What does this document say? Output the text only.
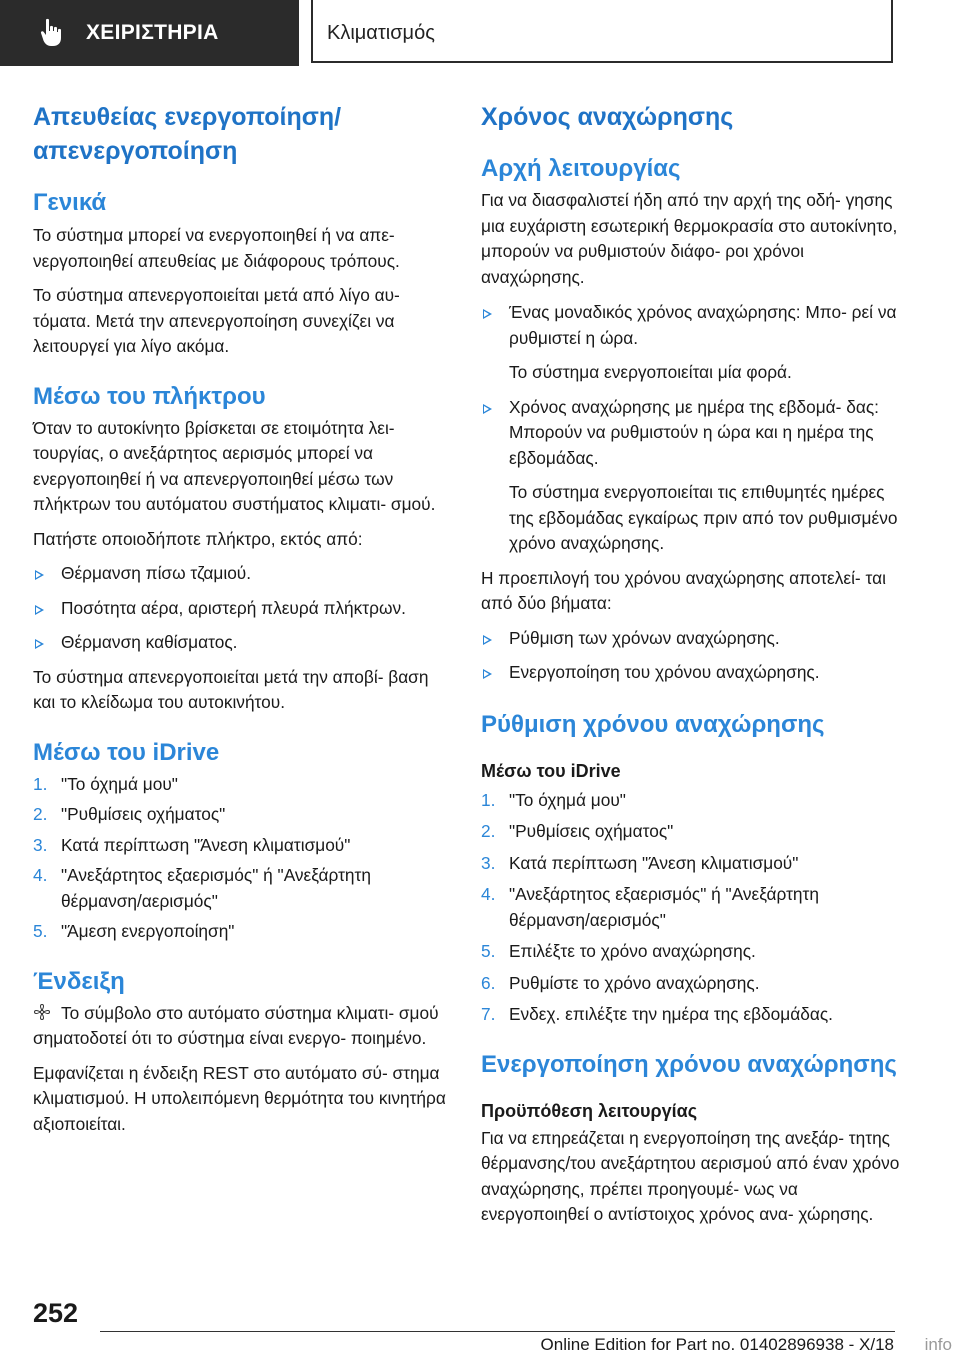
ΧΕΙΡΙΣΤΗΡΙΑ	Κλιματισμός
Απευθείας ενεργοποίηση/ απενεργοποίηση
Γενικά

Το σύστημα μπορεί να ενεργοποιηθεί ή να απε‐ νεργοποιηθεί απευθείας με διάφορους τρόπους.

Το σύστημα απενεργοποιείται μετά από λίγο αυ‐ τόματα. Μετά την απενεργοποίηση συνεχίζει να λειτουργεί για λίγο ακόμα.

Μέσω του πλήκτρου

Όταν το αυτοκίνητο βρίσκεται σε ετοιμότητα λει‐ τουργίας, ο ανεξάρτητος αερισμός μπορεί να ενεργοποιηθεί ή να απενεργοποιηθεί μέσω των πλήκτρων του αυτόματου συστήματος κλιματι‐ σμού.

Πατήστε οποιοδήποτε πλήκτρο, εκτός από:

Θέρμανση πίσω τζαμιού.
Ποσότητα αέρα, αριστερή πλευρά πλήκτρων.
Θέρμανση καθίσματος.

Το σύστημα απενεργοποιείται μετά την αποβί‐ βαση και το κλείδωμα του αυτοκινήτου.

Μέσω του iDrive
1. "Το όχημά μου"
2. "Ρυθμίσεις οχήματος"
3. Κατά περίπτωση "Άνεση κλιματισμού"
4. "Ανεξάρτητος εξαερισμός" ή "Ανεξάρτητη θέρμανση/αερισμός"
5. "Άμεση ενεργοποίηση"
Ένδειξη

Το σύμβολο στο αυτόματο σύστημα κλιματι‐ σμού σηματοδοτεί ότι το σύστημα είναι ενεργο‐ ποιημένο.

Εμφανίζεται η ένδειξη REST στο αυτόματο σύ‐ στημα κλιματισμού. Η υπολειπόμενη θερμότητα του κινητήρα αξιοποιείται.

Χρόνος αναχώρησης
Αρχή λειτουργίας

Για να διασφαλιστεί ήδη από την αρχή της οδή‐ γησης μια ευχάριστη εσωτερική θερμοκρασία στο αυτοκίνητο, μπορούν να ρυθμιστούν διάφο‐ ροι χρόνοι αναχώρησης.

Ένας μοναδικός χρόνος αναχώρησης: Μπο‐ ρεί να ρυθμιστεί η ώρα.
Το σύστημα ενεργοποιείται μία φορά.
Χρόνος αναχώρησης με ημέρα της εβδομά‐ δας: Μπορούν να ρυθμιστούν η ώρα και η ημέρα της εβδομάδας.
Το σύστημα ενεργοποιείται τις επιθυμητές ημέρες της εβδομάδας εγκαίρως πριν από τον ρυθμισμένο χρόνο αναχώρησης.

Η προεπιλογή του χρόνου αναχώρησης αποτελεί‐ ται από δύο βήματα:

Ρύθμιση των χρόνων αναχώρησης.
Ενεργοποίηση του χρόνου αναχώρησης.
Ρύθμιση χρόνου αναχώρησης
Μέσω του iDrive
1. "Το όχημά μου"
2. "Ρυθμίσεις οχήματος"
3. Κατά περίπτωση "Άνεση κλιματισμού"
4. "Ανεξάρτητος εξαερισμός" ή "Ανεξάρτητη θέρμανση/αερισμός"
5. Επιλέξτε το χρόνο αναχώρησης.
6. Ρυθμίστε το χρόνο αναχώρησης.
7. Ενδεχ. επιλέξτε την ημέρα της εβδομάδας.
Ενεργοποίηση χρόνου αναχώρησης
Προϋπόθεση λειτουργίας

Για να επηρεάζεται η ενεργοποίηση της ανεξάρ‐ τητης θέρμανσης/του ανεξάρτητου αερισμού από έναν χρόνο αναχώρησης, πρέπει προηγουμέ‐ νως να ενεργοποιηθεί ο αντίστοιχος χρόνος ανα‐ χώρησης.

252
Online Edition for Part no. 01402896938 - X/18 info
